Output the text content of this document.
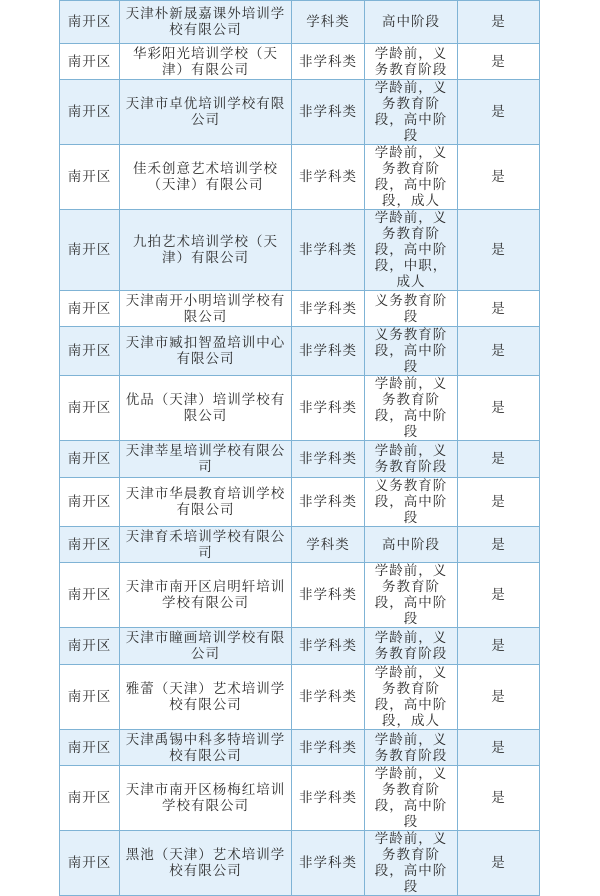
南开区	天津朴新晟嘉课外培训学校有限公司	学科类	高中阶段	是
南开区	华彩阳光培训学校（天津）有限公司	非学科类	学龄前，义务教育阶段	是
南开区	天津市卓优培训学校有限公司	非学科类	学龄前，义务教育阶段，高中阶段	是
南开区	佳禾创意艺术培训学校（天津）有限公司	非学科类	学龄前，义务教育阶段，高中阶段，成人	是
南开区	九拍艺术培训学校（天津）有限公司	非学科类	学龄前，义务教育阶段，高中阶段，中职，成人	是
南开区	天津南开小明培训学校有限公司	非学科类	义务教育阶段	是
南开区	天津市臧扣智盈培训中心有限公司	非学科类	义务教育阶段，高中阶段	是
南开区	优品（天津）培训学校有限公司	非学科类	学龄前，义务教育阶段，高中阶段	是
南开区	天津莘星培训学校有限公司	非学科类	学龄前，义务教育阶段	是
南开区	天津市华晨教育培训学校有限公司	非学科类	义务教育阶段，高中阶段	是
南开区	天津育禾培训学校有限公司	学科类	高中阶段	是
南开区	天津市南开区启明轩培训学校有限公司	非学科类	学龄前，义务教育阶段，高中阶段	是
南开区	天津市瞳画培训学校有限公司	非学科类	学龄前，义务教育阶段	是
南开区	雅蕾（天津）艺术培训学校有限公司	非学科类	学龄前，义务教育阶段，高中阶段，成人	是
南开区	天津禹锡中科多特培训学校有限公司	非学科类	学龄前，义务教育阶段	是
南开区	天津市南开区杨梅红培训学校有限公司	非学科类	学龄前，义务教育阶段，高中阶段	是
南开区	黑池（天津）艺术培训学校有限公司	非学科类	学龄前，义务教育阶段，高中阶段	是
